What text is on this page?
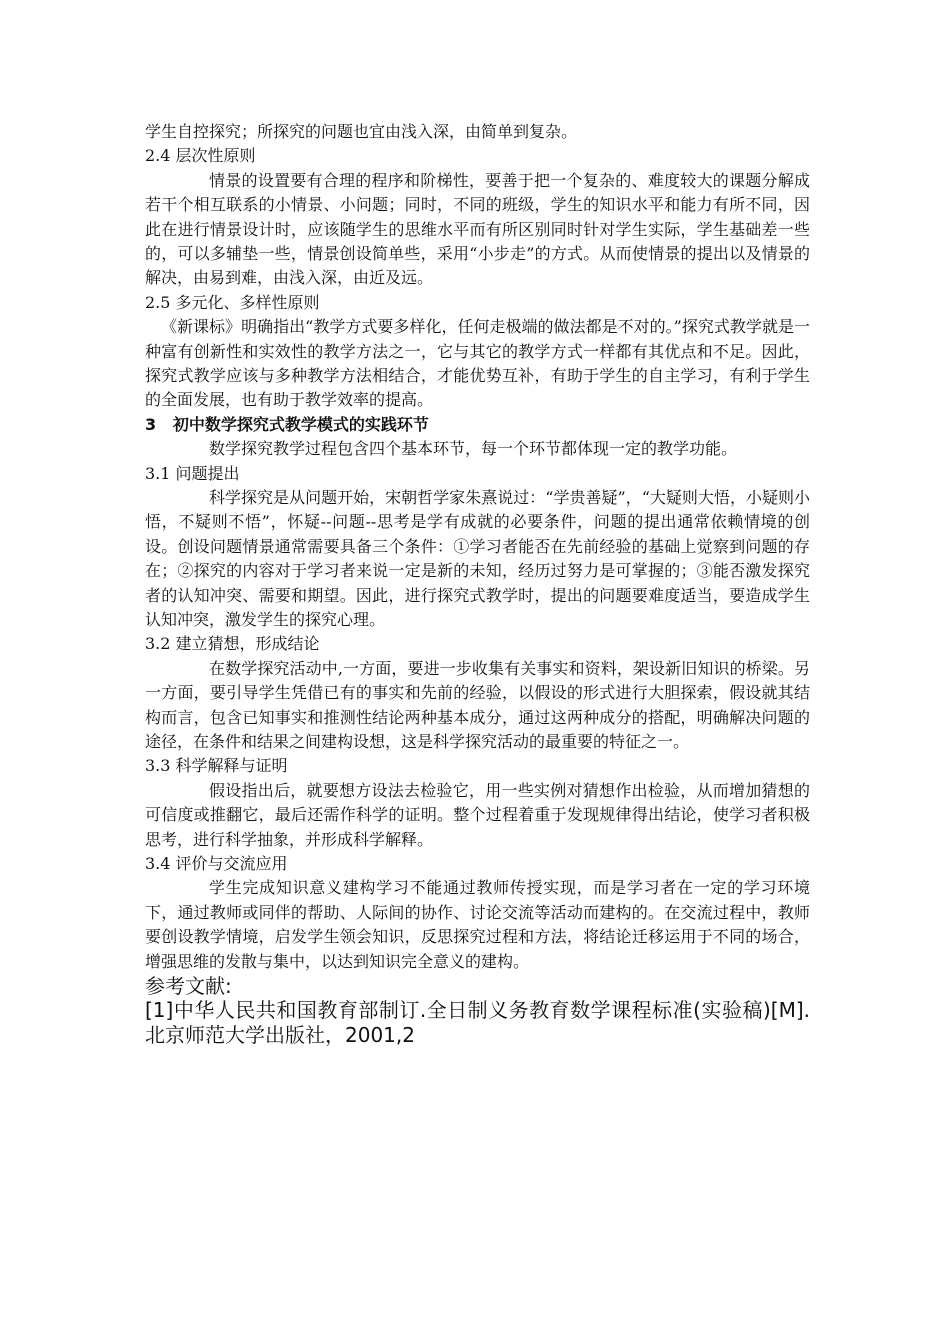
学生自控探究；所探究的问题也宜由浅入深，由简单到复杂。

2.4 层次性原则

情景的设置要有合理的程序和阶梯性，要善于把一个复杂的、难度较大的课题分解成若干个相互联系的小情景、小问题；同时，不同的班级，学生的知识水平和能力有所不同，因此在进行情景设计时，应该随学生的思维水平而有所区别同时针对学生实际，学生基础差一些的，可以多辅垫一些，情景创设简单些，采用“小步走”的方式。从而使情景的提出以及情景的解决，由易到难，由浅入深，由近及远。

2.5 多元化、多样性原则

《新课标》明确指出“教学方式要多样化，任何走极端的做法都是不对的。”探究式教学就是一种富有创新性和实效性的教学方法之一，它与其它的教学方式一样都有其优点和不足。因此，探究式教学应该与多种教学方法相结合，才能优势互补，有助于学生的自主学习，有利于学生的全面发展，也有助于教学效率的提高。

3   初中数学探究式教学模式的实践环节

数学探究教学过程包含四个基本环节，每一个环节都体现一定的教学功能。

3.1 问题提出

科学探究是从问题开始，宋朝哲学家朱熹说过：“学贵善疑”，“大疑则大悟，小疑则小悟，不疑则不悟”，怀疑--问题--思考是学有成就的必要条件，问题的提出通常依赖情境的创设。创设问题情景通常需要具备三个条件：①学习者能否在先前经验的基础上觉察到问题的存在；②探究的内容对于学习者来说一定是新的未知，经历过努力是可掌握的；③能否激发探究者的认知冲突、需要和期望。因此，进行探究式教学时，提出的问题要难度适当，要造成学生认知冲突，激发学生的探究心理。

3.2 建立猜想，形成结论

在数学探究活动中,一方面，要进一步收集有关事实和资料，架设新旧知识的桥梁。另一方面，要引导学生凭借已有的事实和先前的经验，以假设的形式进行大胆探索，假设就其结构而言，包含已知事实和推测性结论两种基本成分，通过这两种成分的搭配，明确解决问题的途径，在条件和结果之间建构设想，这是科学探究活动的最重要的特征之一。

3.3 科学解释与证明

假设指出后，就要想方设法去检验它，用一些实例对猜想作出检验，从而增加猜想的可信度或推翻它，最后还需作科学的证明。整个过程着重于发现规律得出结论，使学习者积极思考，进行科学抽象，并形成科学解释。

3.4 评价与交流应用

学生完成知识意义建构学习不能通过教师传授实现，而是学习者在一定的学习环境下，通过教师或同伴的帮助、人际间的协作、讨论交流等活动而建构的。在交流过程中，教师要创设教学情境，启发学生领会知识，反思探究过程和方法，将结论迁移运用于不同的场合，增强思维的发散与集中，以达到知识完全意义的建构。

参考文献:

[1]中华人民共和国教育部制订.全日制义务教育数学课程标准(实验稿)[M].北京师范大学出版社，2001,2
